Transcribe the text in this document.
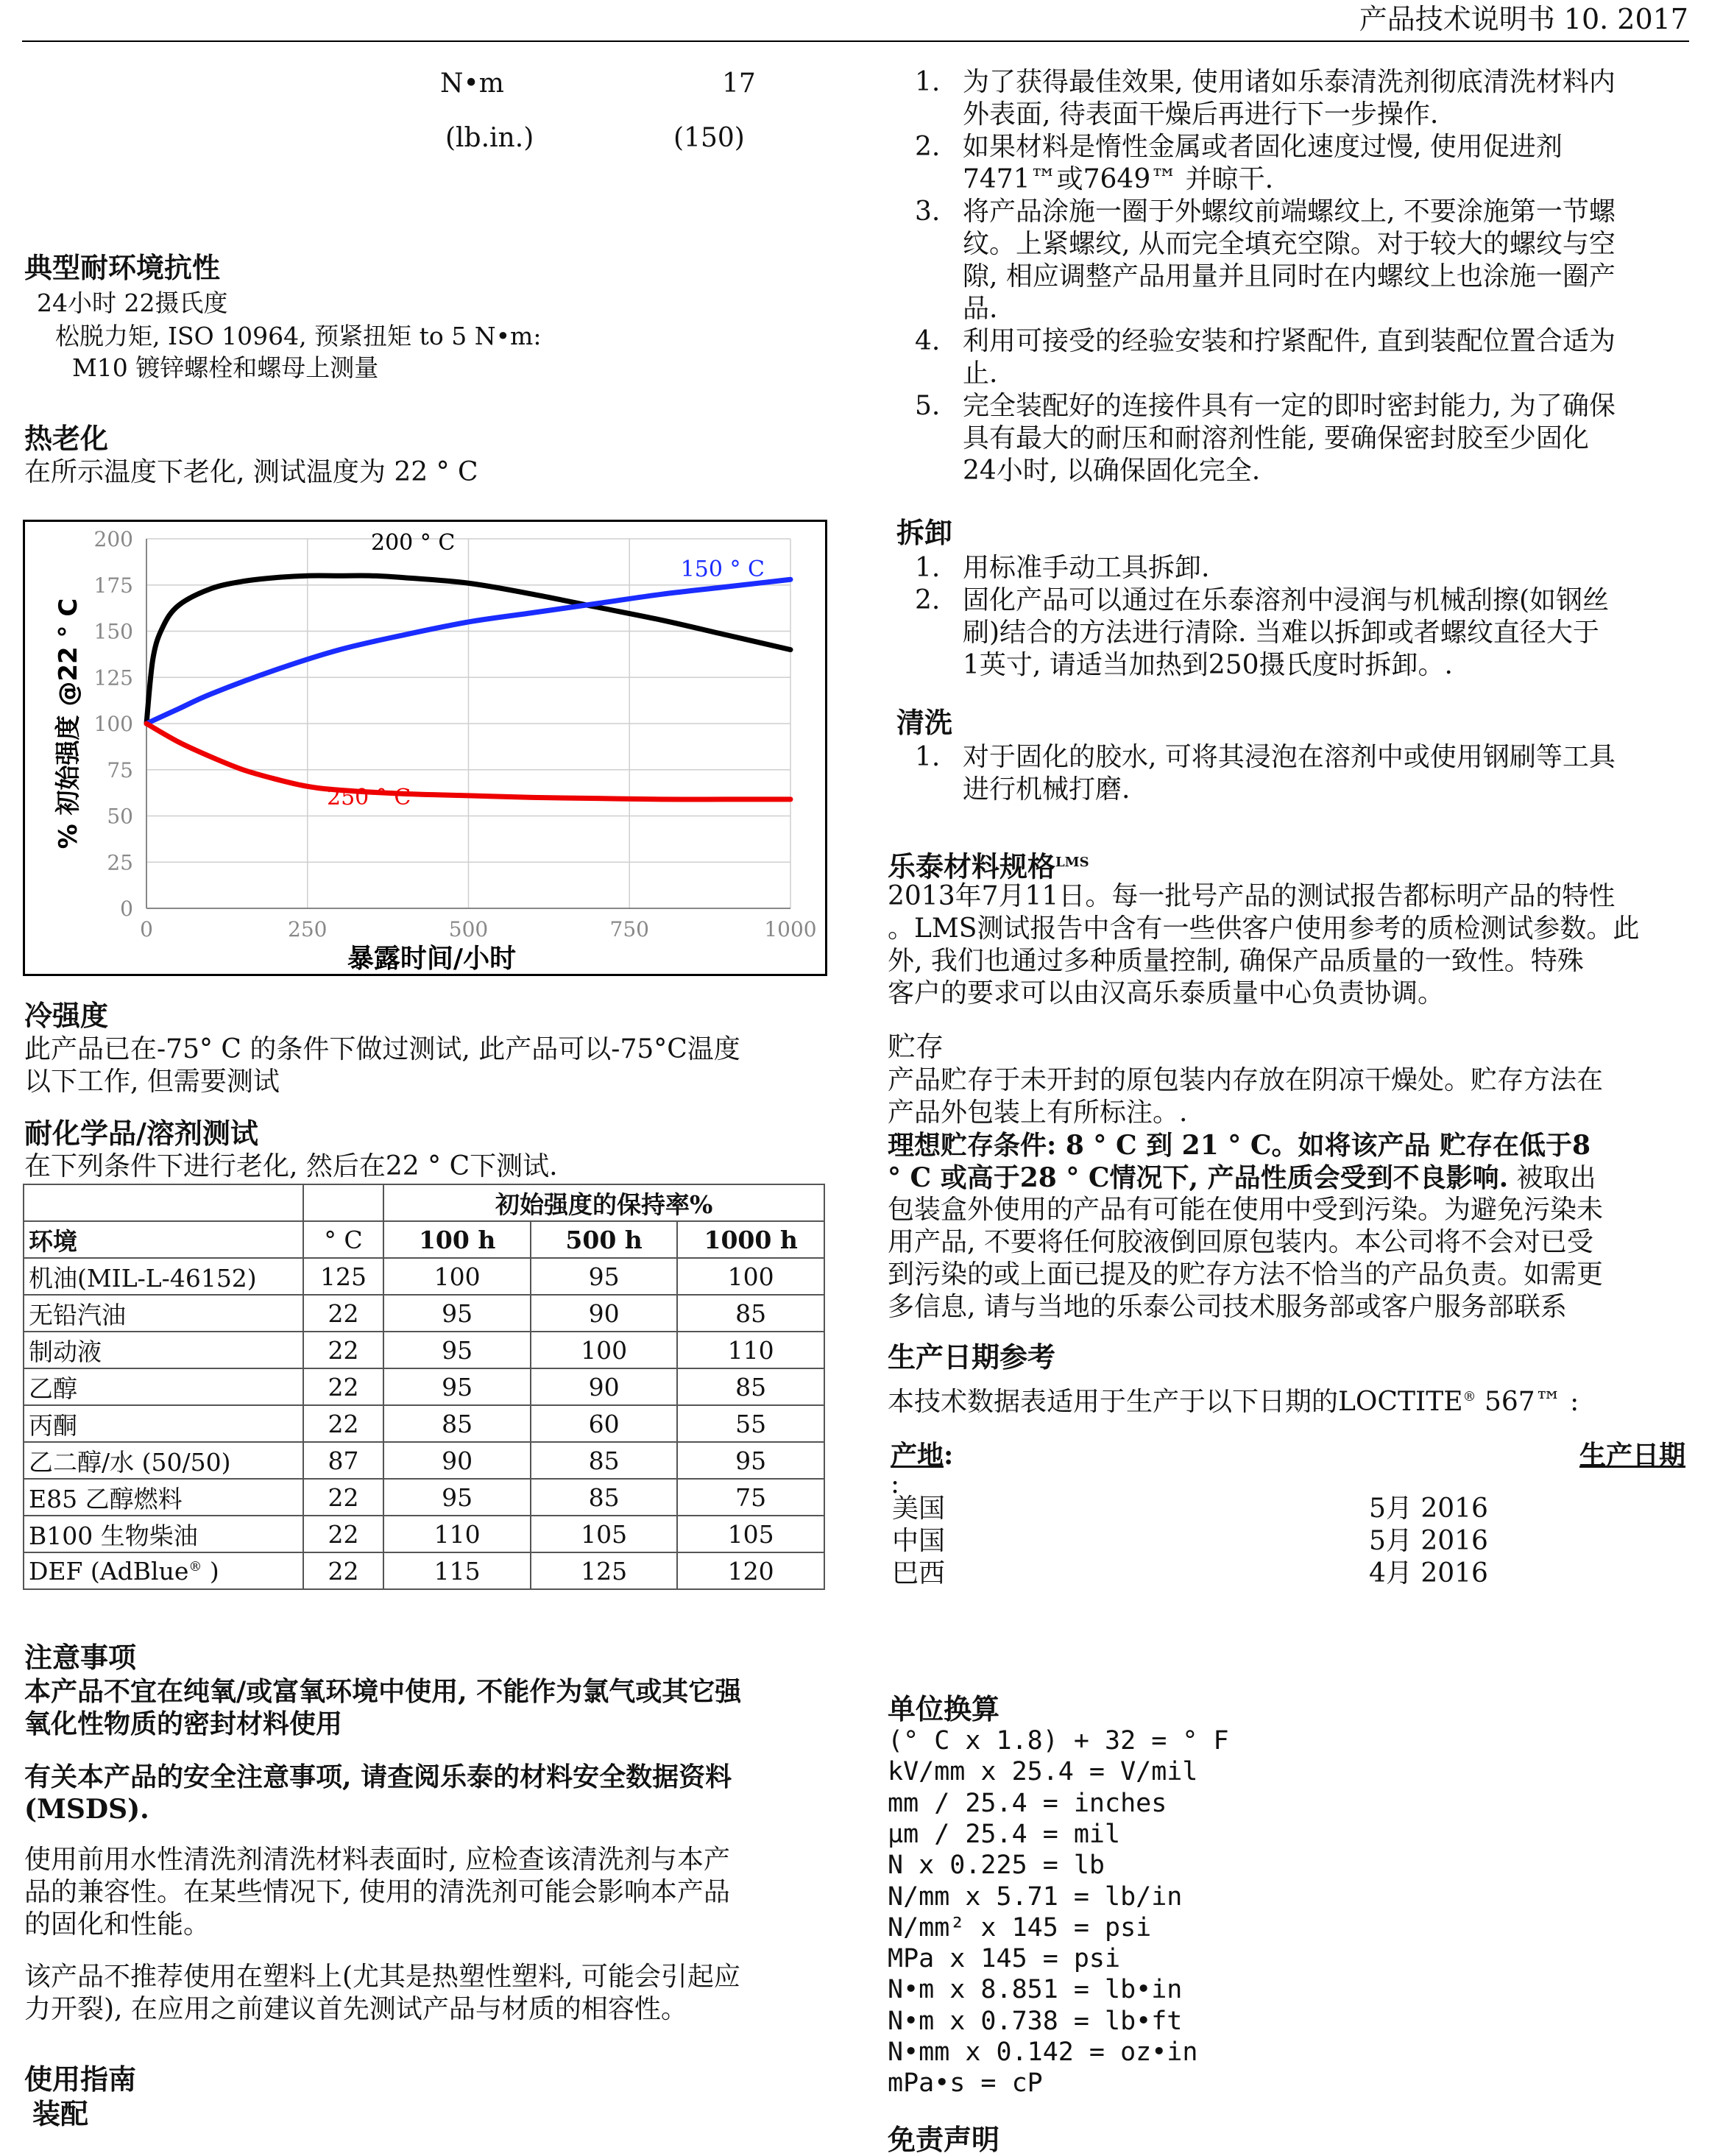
产品技术说明书 10. 2017
N•m	17
(lb.in.)	(150)
典型耐环境抗性
24小时 22摄氏度
松脱力矩, ISO 10964, 预紧扭矩 to 5 N•m:
M10 镀锌螺栓和螺母上测量
热老化
在所示温度下老化, 测试温度为 22 ° C
0
25
50
75
100
125
150
175
200
0	250	500	750	1000
200 ° C
150 ° C
250 ° C
暴露时间/小时
% 初始强度 @22 ° C
冷强度
此产品已在-75° C 的条件下做过测试, 此产品可以-75°C温度
以下工作, 但需要测试
耐化学品/溶剂测试
在下列条件下进行老化, 然后在22 ° C下测试.
		初始强度的保持率%		
环境	° C	100 h	500 h	1000 h
机油(MIL-L-46152)	125	100	95	100
无铅汽油	22	95	90	85
制动液	22	95	100	110
乙醇	22	95	90	85
丙酮	22	85	60	55
乙二醇/水 (50/50)	87	90	85	95
E85 乙醇燃料	22	95	85	75
B100 生物柴油	22	110	105	105
DEF (AdBlue® )	22	115	125	120
注意事项
本产品不宜在纯氧/或富氧环境中使用, 不能作为氯气或其它强
氧化性物质的密封材料使用
有关本产品的安全注意事项, 请查阅乐泰的材料安全数据资料
(MSDS).
使用前用水性清洗剂清洗材料表面时, 应检查该清洗剂与本产
品的兼容性。在某些情况下, 使用的清洗剂可能会影响本产品
的固化和性能。
该产品不推荐使用在塑料上(尤其是热塑性塑料, 可能会引起应
力开裂), 在应用之前建议首先测试产品与材质的相容性。
使用指南
装配
1. 为了获得最佳效果, 使用诸如乐泰清洗剂彻底清洗材料内
外表面, 待表面干燥后再进行下一步操作.
2. 如果材料是惰性金属或者固化速度过慢, 使用促进剂
7471™或7649™ 并晾干.
3. 将产品涂施一圈于外螺纹前端螺纹上, 不要涂施第一节螺
纹。上紧螺纹, 从而完全填充空隙。对于较大的螺纹与空
隙, 相应调整产品用量并且同时在内螺纹上也涂施一圈产
品.
4. 利用可接受的经验安装和拧紧配件, 直到装配位置合适为
止.
5. 完全装配好的连接件具有一定的即时密封能力, 为了确保
具有最大的耐压和耐溶剂性能, 要确保密封胶至少固化
24小时, 以确保固化完全.
拆卸
1. 用标准手动工具拆卸.
2. 固化产品可以通过在乐泰溶剂中浸润与机械刮擦(如钢丝
刷)结合的方法进行清除. 当难以拆卸或者螺纹直径大于
1英寸, 请适当加热到250摄氏度时拆卸。.
清洗
1. 对于固化的胶水, 可将其浸泡在溶剂中或使用钢刷等工具
进行机械打磨.
乐泰材料规格$^{LMS}$
2013年7月11日。每一批号产品的测试报告都标明产品的特性
。LMS测试报告中含有一些供客户使用参考的质检测试参数。此
外, 我们也通过多种质量控制, 确保产品质量的一致性。特殊
客户的要求可以由汉高乐泰质量中心负责协调。
贮存
产品贮存于未开封的原包装内存放在阴凉干燥处。贮存方法在
产品外包装上有所标注。.
理想贮存条件: 8 ° C 到 21 ° C。如将该产品 贮存在低于8
° C 或高于28 ° C情况下, 产品性质会受到不良影响. 被取出
包装盒外使用的产品有可能在使用中受到污染。为避免污染未
用产品, 不要将任何胶液倒回原包装内。本公司将不会对已受
到污染的或上面已提及的贮存方法不恰当的产品负责。如需更
多信息, 请与当地的乐泰公司技术服务部或客户服务部联系
生产日期参考
本技术数据表适用于生产于以下日期的LOCTITE® 567™ :
产地:	生产日期
:
美国	5月 2016
中国	5月 2016
巴西	4月 2016
单位换算
(° C x 1.8) + 32 = ° F
kV/mm x 25.4 = V/mil
mm / 25.4 = inches
µm / 25.4 = mil
N x 0.225 = lb
N/mm x 5.71 = lb/in
N/mm² x 145 = psi
MPa x 145 = psi
N•m x 8.851 = lb•in
N•m x 0.738 = lb•ft
N•mm x 0.142 = oz•in
mPa•s = cP
免责声明
